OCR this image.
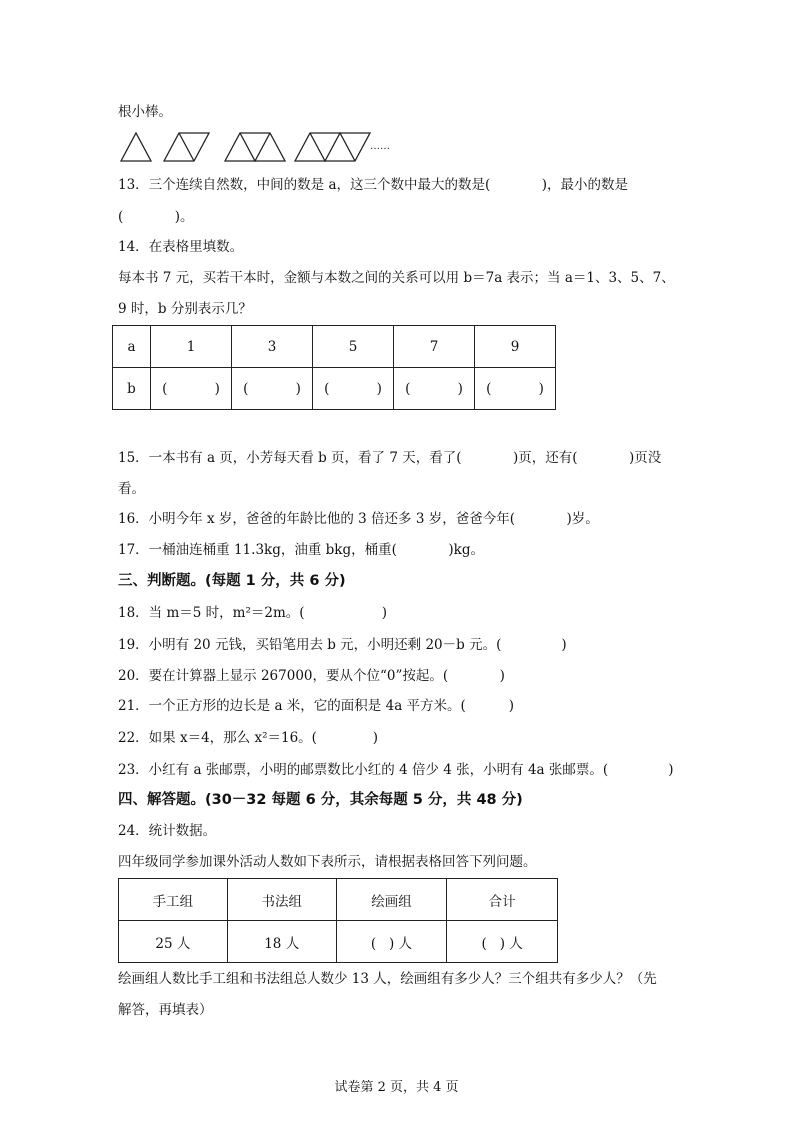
根小棒。
……
13．三个连续自然数，中间的数是 a，这三个数中最大的数是(            )，最小的数是
(            )。
14．在表格里填数。
每本书 7 元，买若干本时，金额与本数之间的关系可以用 b＝7a 表示；当 a＝1、3、5、7、
9 时，b 分别表示几？
a	1	3	5	7	9
b	(           )	(           )	(           )	(           )	(           )
15．一本书有 a 页，小芳每天看 b 页，看了 7 天，看了(            )页，还有(            )页没
看。
16．小明今年 x 岁，爸爸的年龄比他的 3 倍还多 3 岁，爸爸今年(            )岁。
17．一桶油连桶重 11.3kg，油重 bkg，桶重(            )kg。
三、判断题。(每题 1 分，共 6 分)
18．当 m＝5 时，m²＝2m。(                  )
19．小明有 20 元钱，买铅笔用去 b 元，小明还剩 20－b 元。(              )
20．要在计算器上显示 267000，要从个位“0”按起。(            )
21．一个正方形的边长是 a 米，它的面积是 4a 平方米。(          )
22．如果 x＝4，那么 x²＝16。(             )
23．小红有 a 张邮票，小明的邮票数比小红的 4 倍少 4 张，小明有 4a 张邮票。(              )
四、解答题。(30－32 每题 6 分，其余每题 5 分，共 48 分)
24．统计数据。
四年级同学参加课外活动人数如下表所示，请根据表格回答下列问题。
手工组	书法组	绘画组	合计
25 人	18 人	(   ) 人	(   ) 人
绘画组人数比手工组和书法组总人数少 13 人，绘画组有多少人？三个组共有多少人？（先
解答，再填表）
试卷第 2 页，共 4 页
